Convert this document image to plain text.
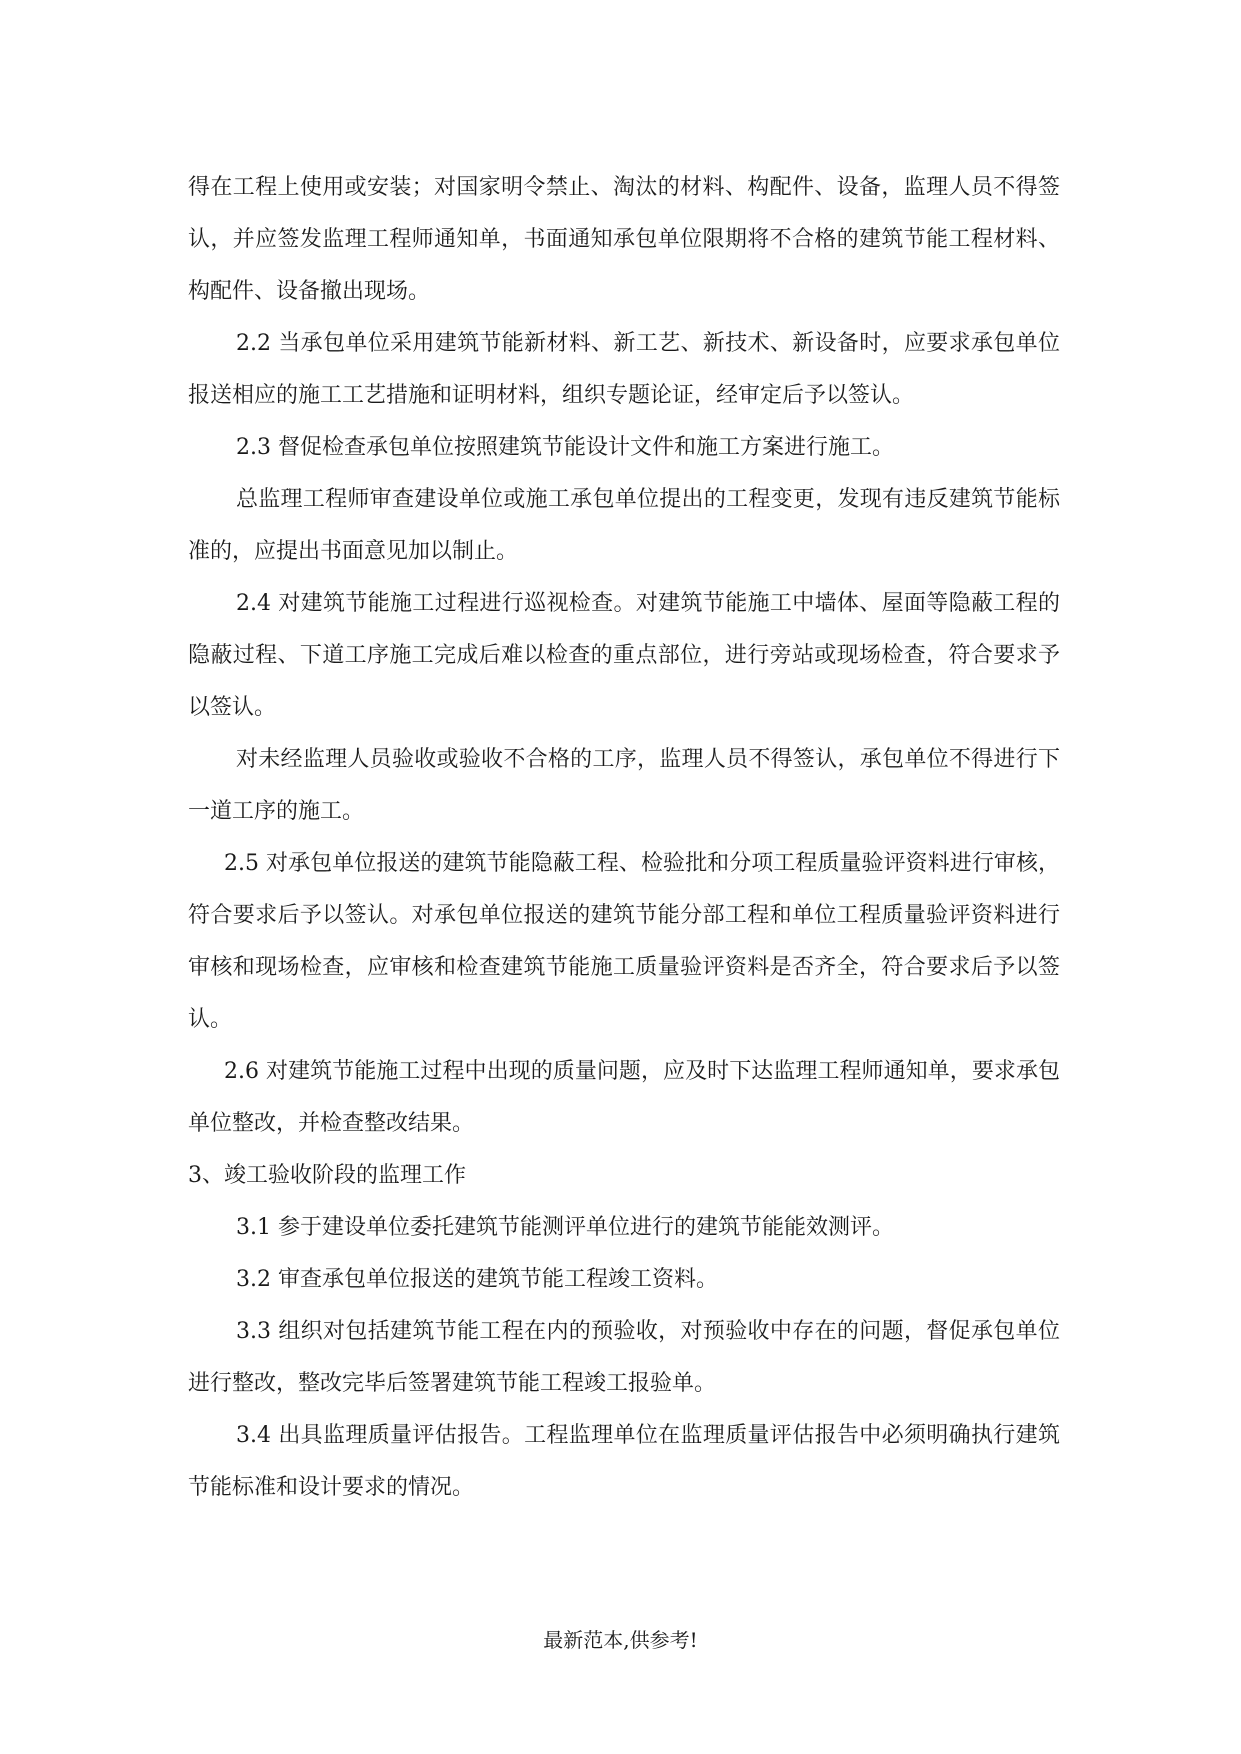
得在工程上使用或安装；对国家明令禁止、淘汰的材料、构配件、设备，监理人员不得签认，并应签发监理工程师通知单，书面通知承包单位限期将不合格的建筑节能工程材料、构配件、设备撤出现场。

2.2 当承包单位采用建筑节能新材料、新工艺、新技术、新设备时，应要求承包单位报送相应的施工工艺措施和证明材料，组织专题论证，经审定后予以签认。

2.3 督促检查承包单位按照建筑节能设计文件和施工方案进行施工。

总监理工程师审查建设单位或施工承包单位提出的工程变更，发现有违反建筑节能标准的，应提出书面意见加以制止。

2.4 对建筑节能施工过程进行巡视检查。对建筑节能施工中墙体、屋面等隐蔽工程的隐蔽过程、下道工序施工完成后难以检查的重点部位，进行旁站或现场检查，符合要求予以签认。

对未经监理人员验收或验收不合格的工序，监理人员不得签认，承包单位不得进行下一道工序的施工。

2.5 对承包单位报送的建筑节能隐蔽工程、检验批和分项工程质量验评资料进行审核，符合要求后予以签认。对承包单位报送的建筑节能分部工程和单位工程质量验评资料进行审核和现场检查，应审核和检查建筑节能施工质量验评资料是否齐全，符合要求后予以签认。

2.6 对建筑节能施工过程中出现的质量问题，应及时下达监理工程师通知单，要求承包单位整改，并检查整改结果。

3、竣工验收阶段的监理工作

3.1 参于建设单位委托建筑节能测评单位进行的建筑节能能效测评。

3.2 审查承包单位报送的建筑节能工程竣工资料。

3.3 组织对包括建筑节能工程在内的预验收，对预验收中存在的问题，督促承包单位进行整改，整改完毕后签署建筑节能工程竣工报验单。

3.4 出具监理质量评估报告。工程监理单位在监理质量评估报告中必须明确执行建筑节能标准和设计要求的情况。

最新范本,供参考!
